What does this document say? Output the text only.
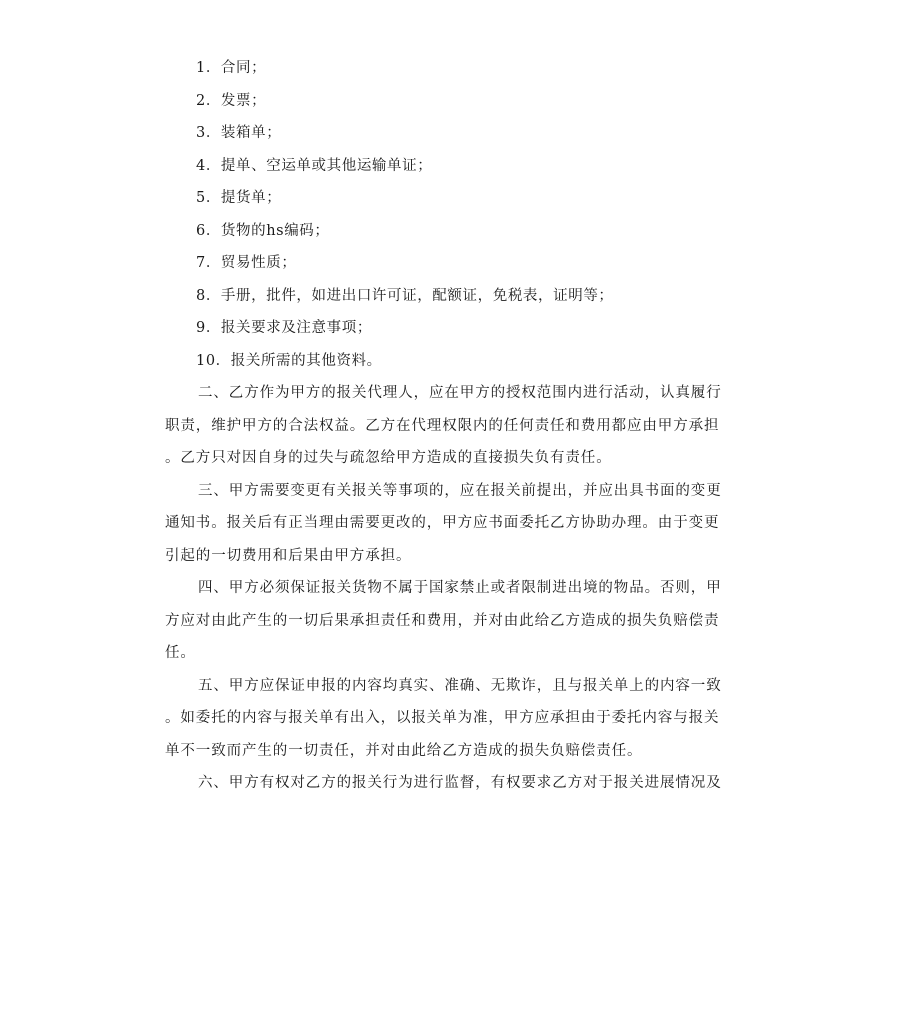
1．合同；
2．发票；
3．装箱单；
4．提单、空运单或其他运输单证；
5．提货单；
6．货物的hs编码；
7．贸易性质；
8．手册，批件，如进出口许可证，配额证，免税表，证明等；
9．报关要求及注意事项；
10．报关所需的其他资料。

二、乙方作为甲方的报关代理人，应在甲方的授权范围内进行活动，认真履行
职责，维护甲方的合法权益。乙方在代理权限内的任何责任和费用都应由甲方承担
。乙方只对因自身的过失与疏忽给甲方造成的直接损失负有责任。

三、甲方需要变更有关报关等事项的，应在报关前提出，并应出具书面的变更
通知书。报关后有正当理由需要更改的，甲方应书面委托乙方协助办理。由于变更
引起的一切费用和后果由甲方承担。

四、甲方必须保证报关货物不属于国家禁止或者限制进出境的物品。否则，甲
方应对由此产生的一切后果承担责任和费用，并对由此给乙方造成的损失负赔偿责
任。

五、甲方应保证申报的内容均真实、准确、无欺诈，且与报关单上的内容一致
。如委托的内容与报关单有出入，以报关单为准，甲方应承担由于委托内容与报关
单不一致而产生的一切责任，并对由此给乙方造成的损失负赔偿责任。

六、甲方有权对乙方的报关行为进行监督，有权要求乙方对于报关进展情况及
